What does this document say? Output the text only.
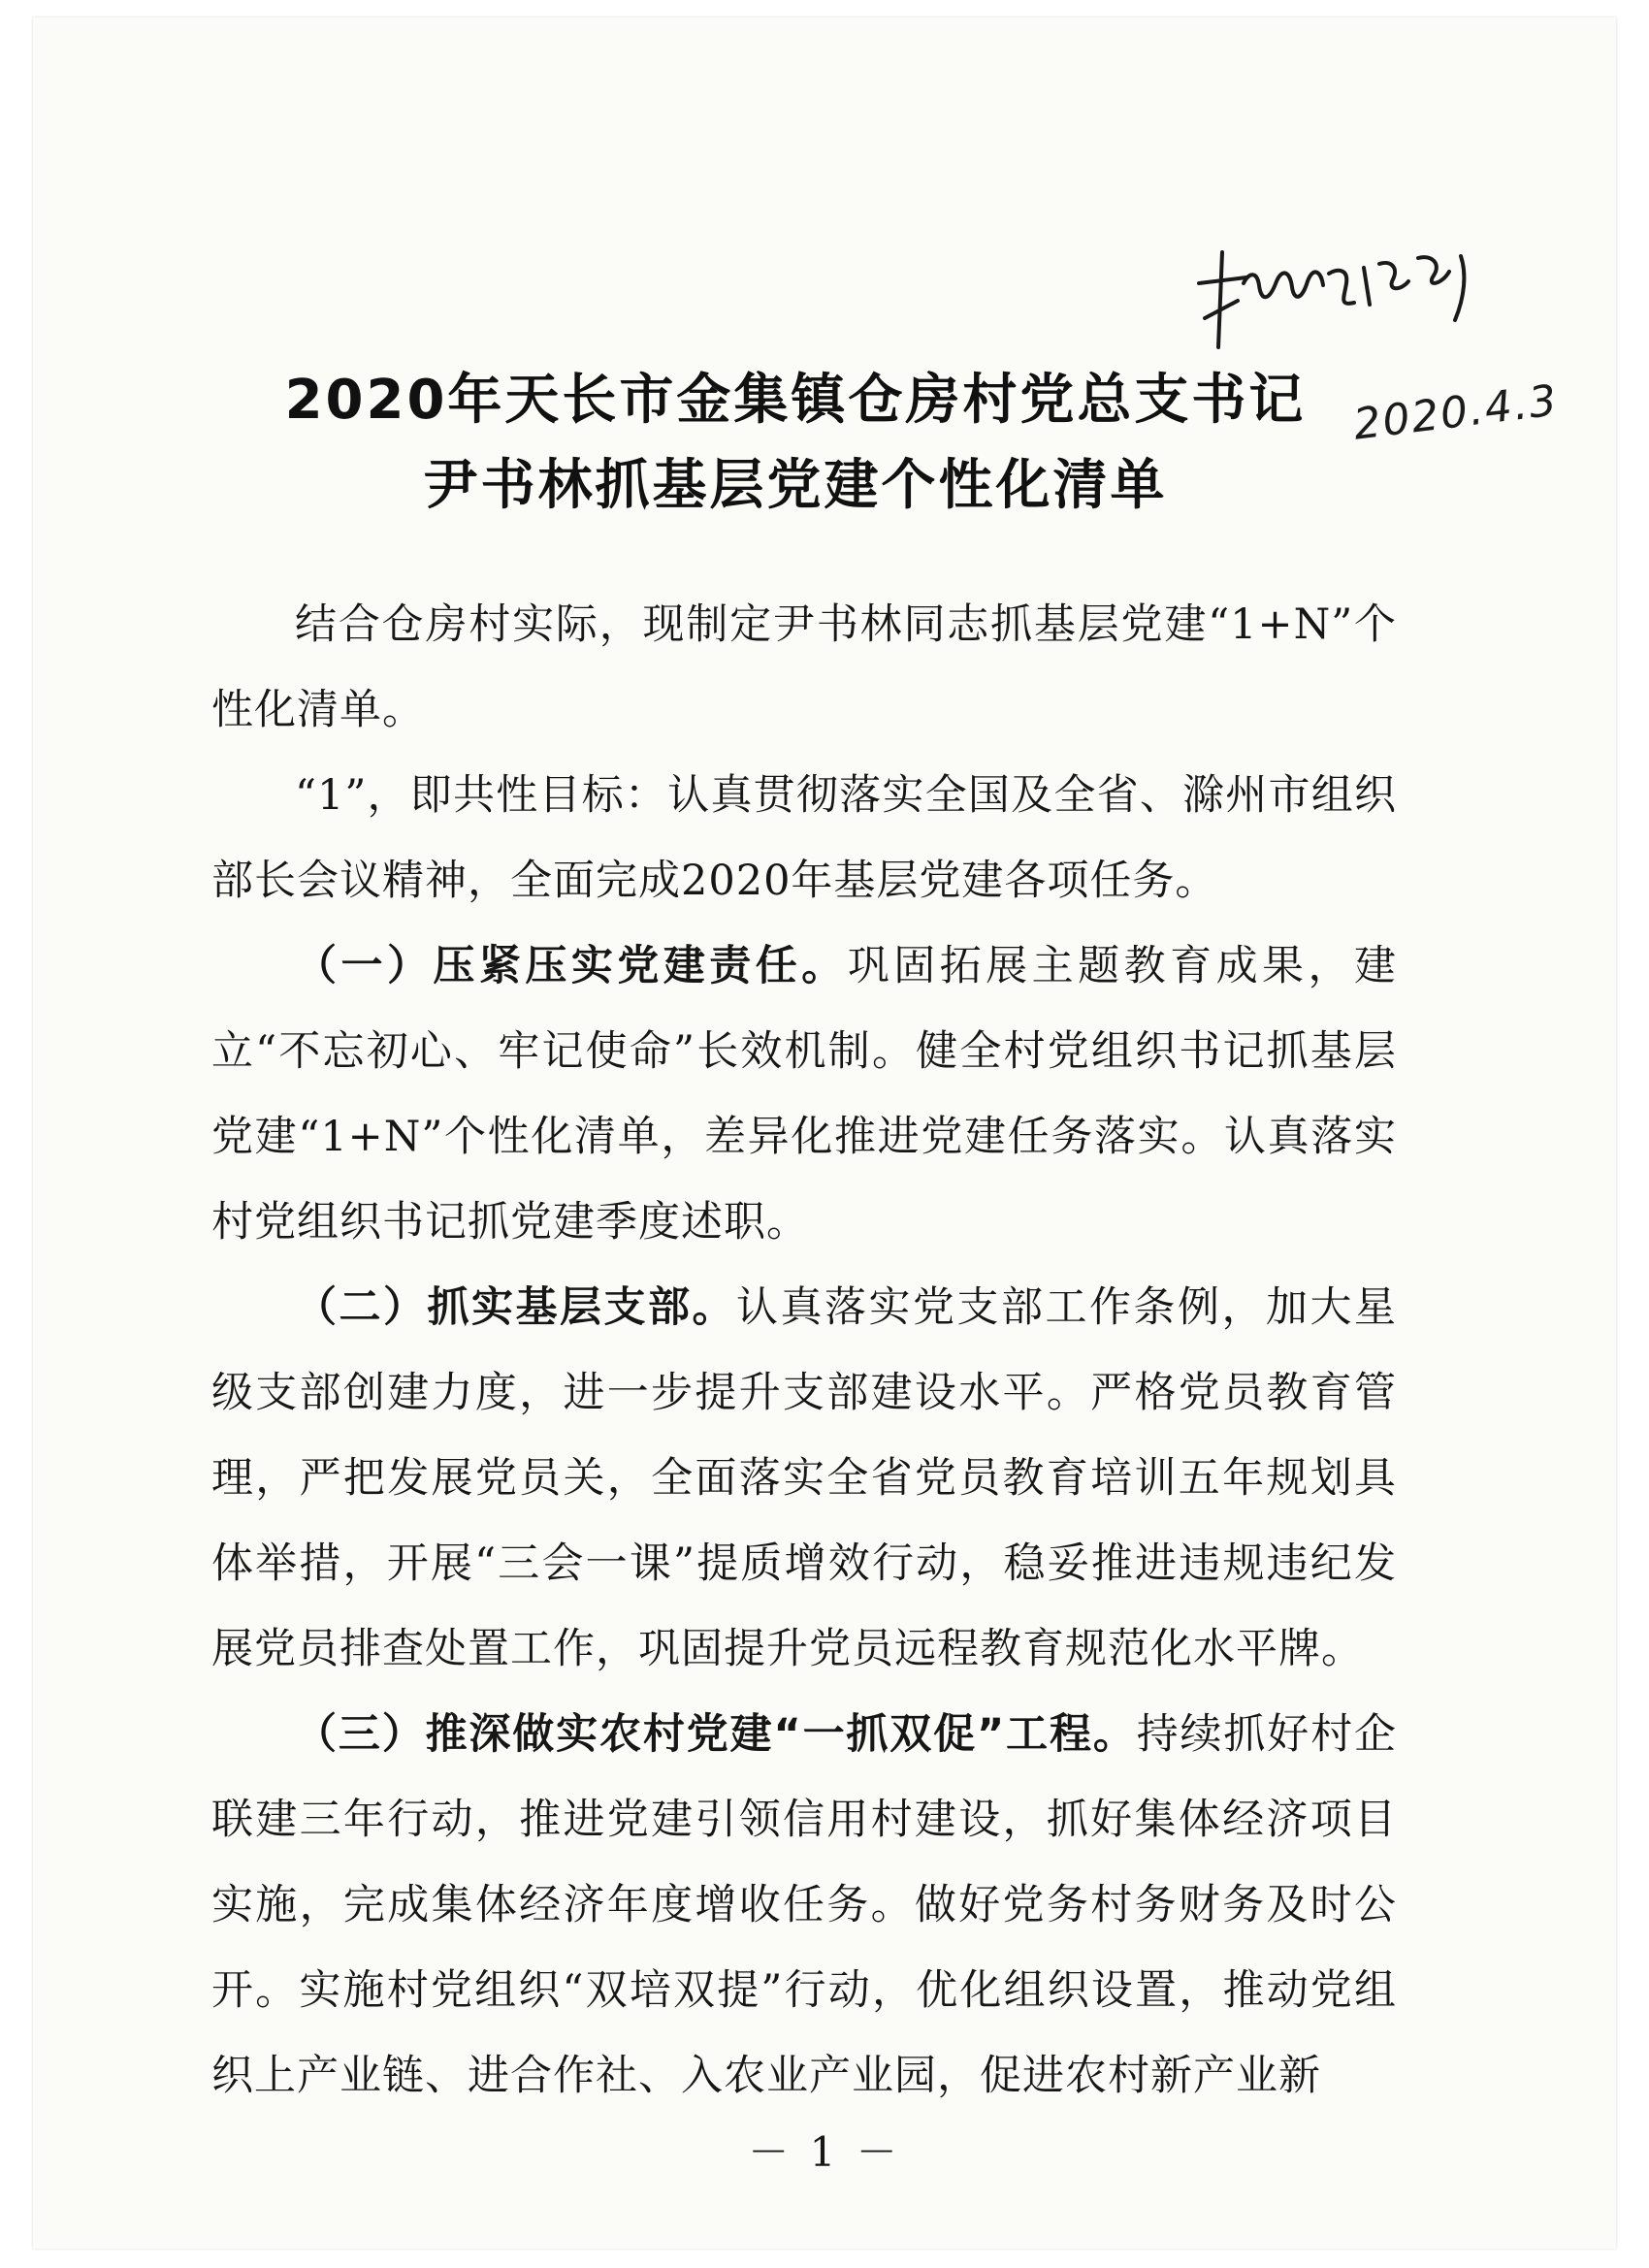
2020.4.3
2020年天长市金集镇仓房村党总支书记
尹书林抓基层党建个性化清单

结合仓房村实际，现制定尹书林同志抓基层党建“1+N”个性化清单。

“1”，即共性目标：认真贯彻落实全国及全省、滁州市组织部长会议精神，全面完成2020年基层党建各项任务。

（一）压紧压实党建责任。巩固拓展主题教育成果，建立“不忘初心、牢记使命”长效机制。健全村党组织书记抓基层党建“1+N”个性化清单，差异化推进党建任务落实。认真落实村党组织书记抓党建季度述职。

（二）抓实基层支部。认真落实党支部工作条例，加大星级支部创建力度，进一步提升支部建设水平。严格党员教育管理，严把发展党员关，全面落实全省党员教育培训五年规划具体举措，开展“三会一课”提质增效行动，稳妥推进违规违纪发展党员排查处置工作，巩固提升党员远程教育规范化水平牌。

（三）推深做实农村党建“一抓双促”工程。持续抓好村企联建三年行动，推进党建引领信用村建设，抓好集体经济项目实施，完成集体经济年度增收任务。做好党务村务财务及时公开。实施村党组织“双培双提”行动，优化组织设置，推动党组织上产业链、进合作社、入农业产业园，促进农村新产业新

－ 1 －
